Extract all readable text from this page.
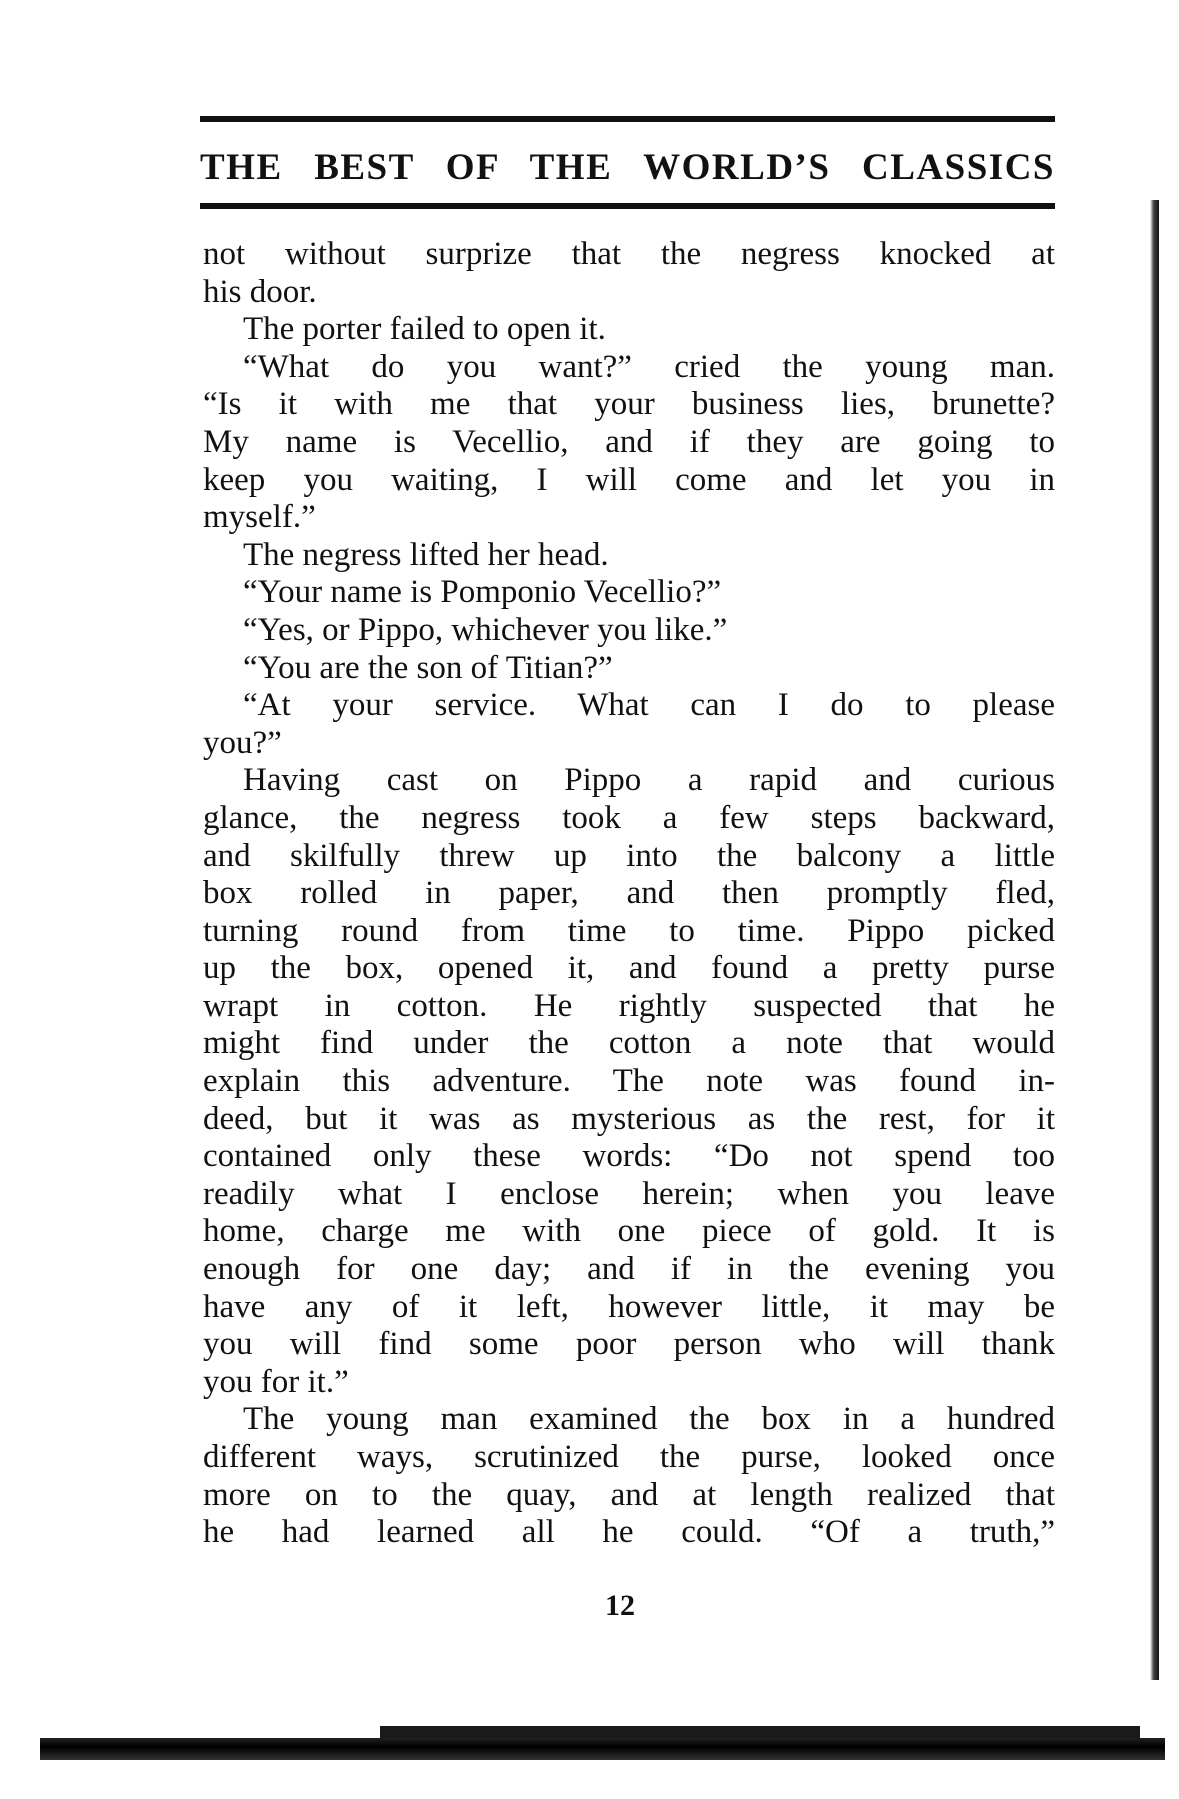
THE BEST OF THE WORLD’S CLASSICS
not without surprize that the negress knocked at
his door.
The porter failed to open it.
“What do you want?” cried the young man.
“Is it with me that your business lies, brunette?
My name is Vecellio, and if they are going to
keep you waiting, I will come and let you in
myself.”
The negress lifted her head.
“Your name is Pomponio Vecellio?”
“Yes, or Pippo, whichever you like.”
“You are the son of Titian?”
“At your service. What can I do to please
you?”
Having cast on Pippo a rapid and curious
glance, the negress took a few steps backward,
and skilfully threw up into the balcony a little
box rolled in paper, and then promptly fled,
turning round from time to time. Pippo picked
up the box, opened it, and found a pretty purse
wrapt in cotton. He rightly suspected that he
might find under the cotton a note that would
explain this adventure. The note was found in-
deed, but it was as mysterious as the rest, for it
contained only these words: “Do not spend too
readily what I enclose herein; when you leave
home, charge me with one piece of gold. It is
enough for one day; and if in the evening you
have any of it left, however little, it may be
you will find some poor person who will thank
you for it.”
The young man examined the box in a hundred
different ways, scrutinized the purse, looked once
more on to the quay, and at length realized that
he had learned all he could. “Of a truth,”
12
